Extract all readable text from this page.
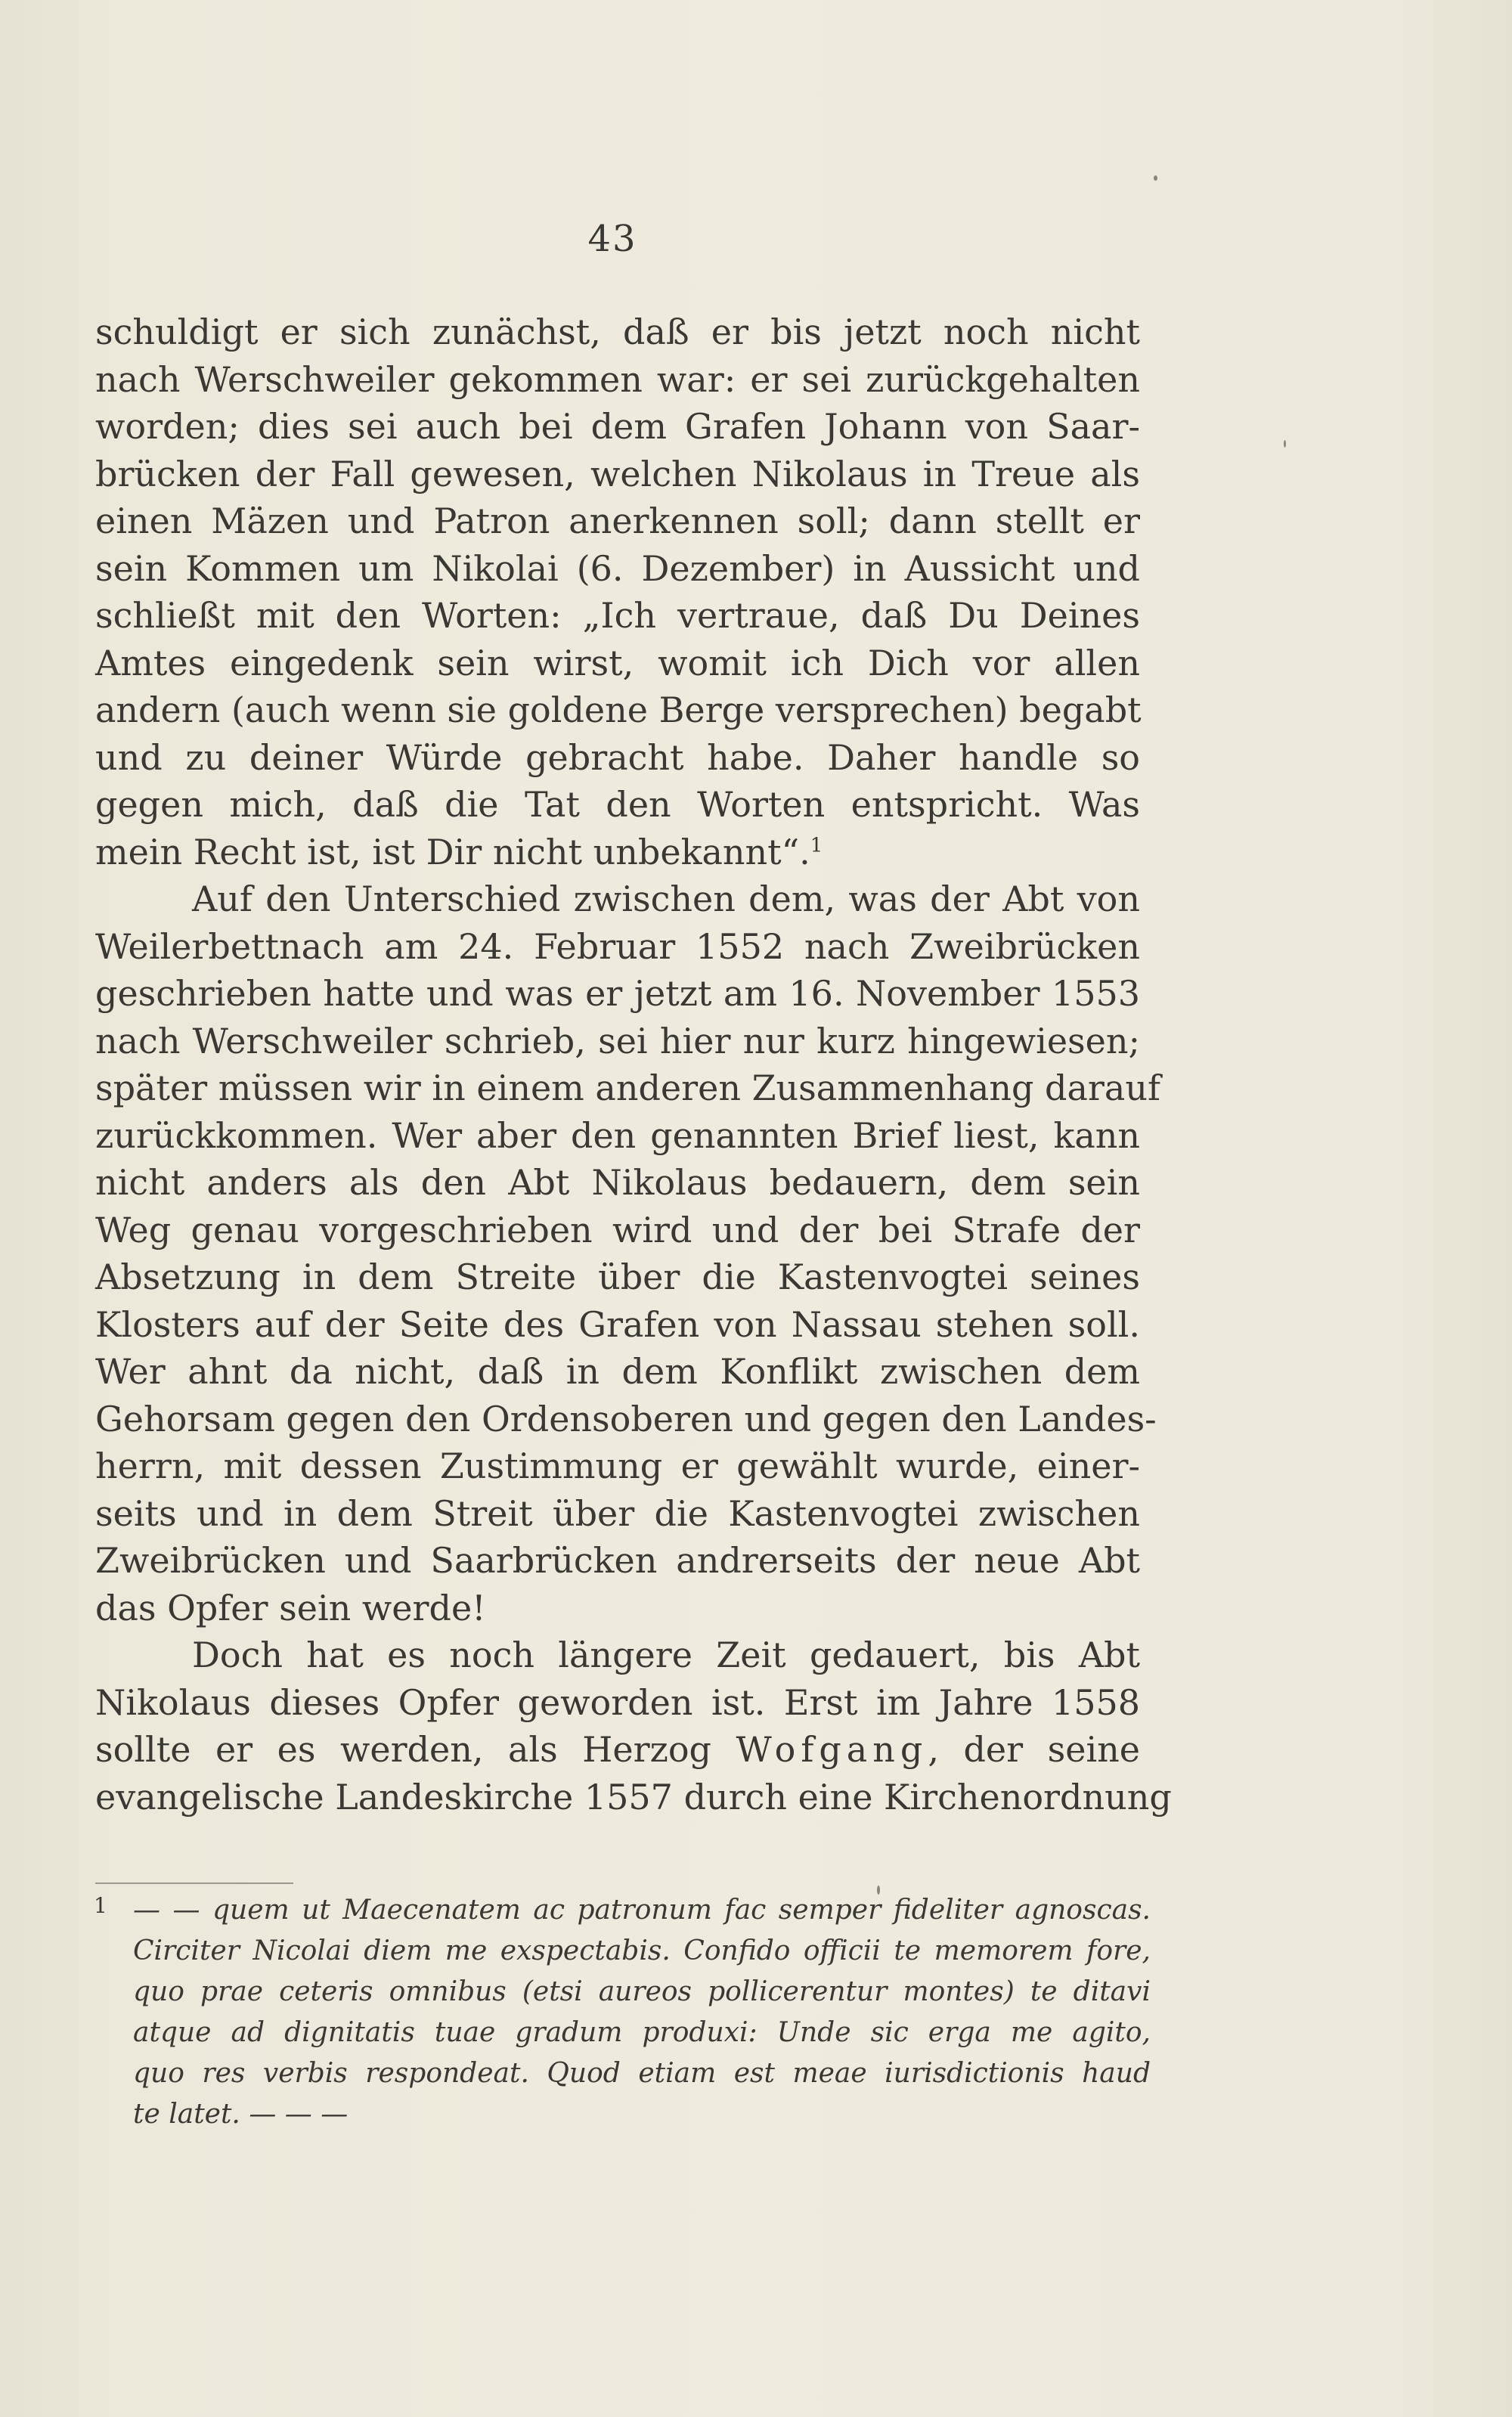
43
schuldigt er sich zunächst, daß er bis jetzt noch nicht
nach Werschweiler gekommen war: er sei zurückgehalten
worden; dies sei auch bei dem Grafen Johann von Saar-
brücken der Fall gewesen, welchen Nikolaus in Treue als
einen Mäzen und Patron anerkennen soll; dann stellt er
sein Kommen um Nikolai (6. Dezember) in Aussicht und
schließt mit den Worten: „Ich vertraue, daß Du Deines
Amtes eingedenk sein wirst, womit ich Dich vor allen
andern (auch wenn sie goldene Berge versprechen) begabt
und zu deiner Würde gebracht habe. Daher handle so
gegen mich, daß die Tat den Worten entspricht. Was
mein Recht ist, ist Dir nicht unbekannt“.$^1$
Auf den Unterschied zwischen dem, was der Abt von
Weilerbettnach am 24. Februar 1552 nach Zweibrücken
geschrieben hatte und was er jetzt am 16. November 1553
nach Werschweiler schrieb, sei hier nur kurz hingewiesen;
später müssen wir in einem anderen Zusammenhang darauf
zurückkommen. Wer aber den genannten Brief liest, kann
nicht anders als den Abt Nikolaus bedauern, dem sein
Weg genau vorgeschrieben wird und der bei Strafe der
Absetzung in dem Streite über die Kastenvogtei seines
Klosters auf der Seite des Grafen von Nassau stehen soll.
Wer ahnt da nicht, daß in dem Konflikt zwischen dem
Gehorsam gegen den Ordensoberen und gegen den Landes-
herrn, mit dessen Zustimmung er gewählt wurde, einer-
seits und in dem Streit über die Kastenvogtei zwischen
Zweibrücken und Saarbrücken andrerseits der neue Abt
das Opfer sein werde!
Doch hat es noch längere Zeit gedauert, bis Abt
Nikolaus dieses Opfer geworden ist. Erst im Jahre 1558
sollte er es werden, als Herzog Wofgang, der seine
evangelische Landeskirche 1557 durch eine Kirchenordnung
1 — — quem ut Maecenatem ac patronum fac semper fideliter agnoscas.
Circiter Nicolai diem me exspectabis. Confido officii te memorem fore,
quo prae ceteris omnibus (etsi aureos pollicerentur montes) te ditavi
atque ad dignitatis tuae gradum produxi: Unde sic erga me agito,
quo res verbis respondeat. Quod etiam est meae iurisdictionis haud
te latet. — — —
